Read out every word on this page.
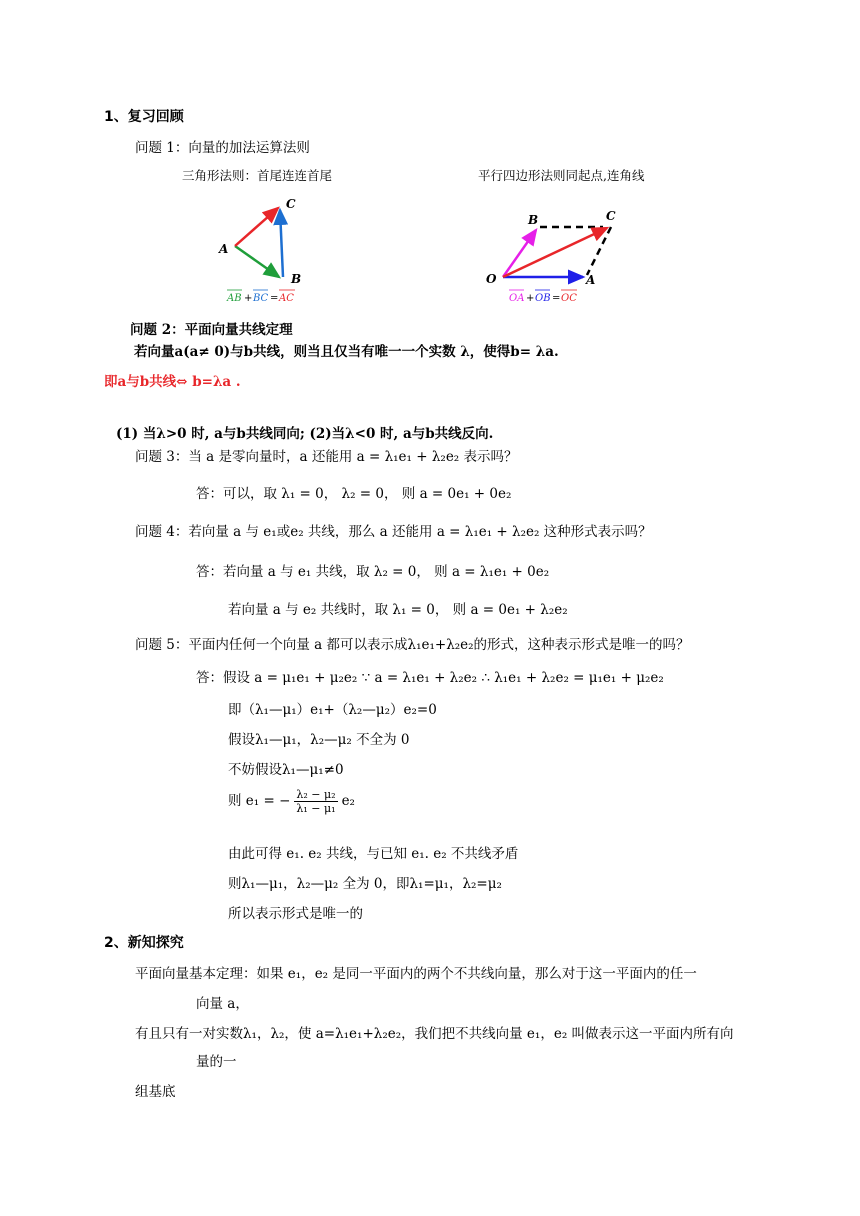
1、复习回顾
问题 1：向量的加法运算法则
三角形法则：首尾连连首尾	平行四边形法则同起点,连角线
A
B
C
AB + BC = AC
O	A
B	C
OA + OB = OC
问题 2：平面向量共线定理
若向量a(a≠ 0)与b共线，则当且仅当有唯一一个实数 λ，使得b= λa.
即a与b共线⇔ b=λa .
(1) 当λ>0 时, a与b共线同向; (2)当λ<0 时, a与b共线反向.
问题 3：当 a 是零向量时，a 还能用 a = λ₁e₁ + λ₂e₂ 表示吗？
答：可以，取 λ₁ = 0， λ₂ = 0， 则 a = 0e₁ + 0e₂
问题 4：若向量 a 与 e₁或e₂ 共线，那么 a 还能用 a = λ₁e₁ + λ₂e₂ 这种形式表示吗？
答：若向量 a 与 e₁ 共线，取 λ₂ = 0， 则 a = λ₁e₁ + 0e₂
若向量 a 与 e₂ 共线时，取 λ₁ = 0， 则 a = 0e₁ + λ₂e₂
问题 5：平面内任何一个向量 a 都可以表示成λ₁e₁+λ₂e₂的形式，这种表示形式是唯一的吗？
答：假设 a = μ₁e₁ + μ₂e₂ ∵ a = λ₁e₁ + λ₂e₂ ∴ λ₁e₁ + λ₂e₂ = μ₁e₁ + μ₂e₂
即（λ₁—μ₁）e₁+（λ₂—μ₂）e₂=0
假设λ₁—μ₁，λ₂—μ₂ 不全为 0
不妨假设λ₁—μ₁≠0
则 e₁ = − $\frac{\text{λ₂ − μ₂}}{\text{λ₁ − μ₁}} e_2$
由此可得 e₁. e₂ 共线，与已知 e₁. e₂ 不共线矛盾
则λ₁—μ₁，λ₂—μ₂ 全为 0，即λ₁=μ₁，λ₂=μ₂
所以表示形式是唯一的
2、新知探究
平面向量基本定理：如果 e₁，e₂ 是同一平面内的两个不共线向量，那么对于这一平面内的任一
向量 a，
有且只有一对实数λ₁，λ₂，使 a=λ₁e₁+λ₂e₂，我们把不共线向量 e₁，e₂ 叫做表示这一平面内所有向
量的一
组基底
